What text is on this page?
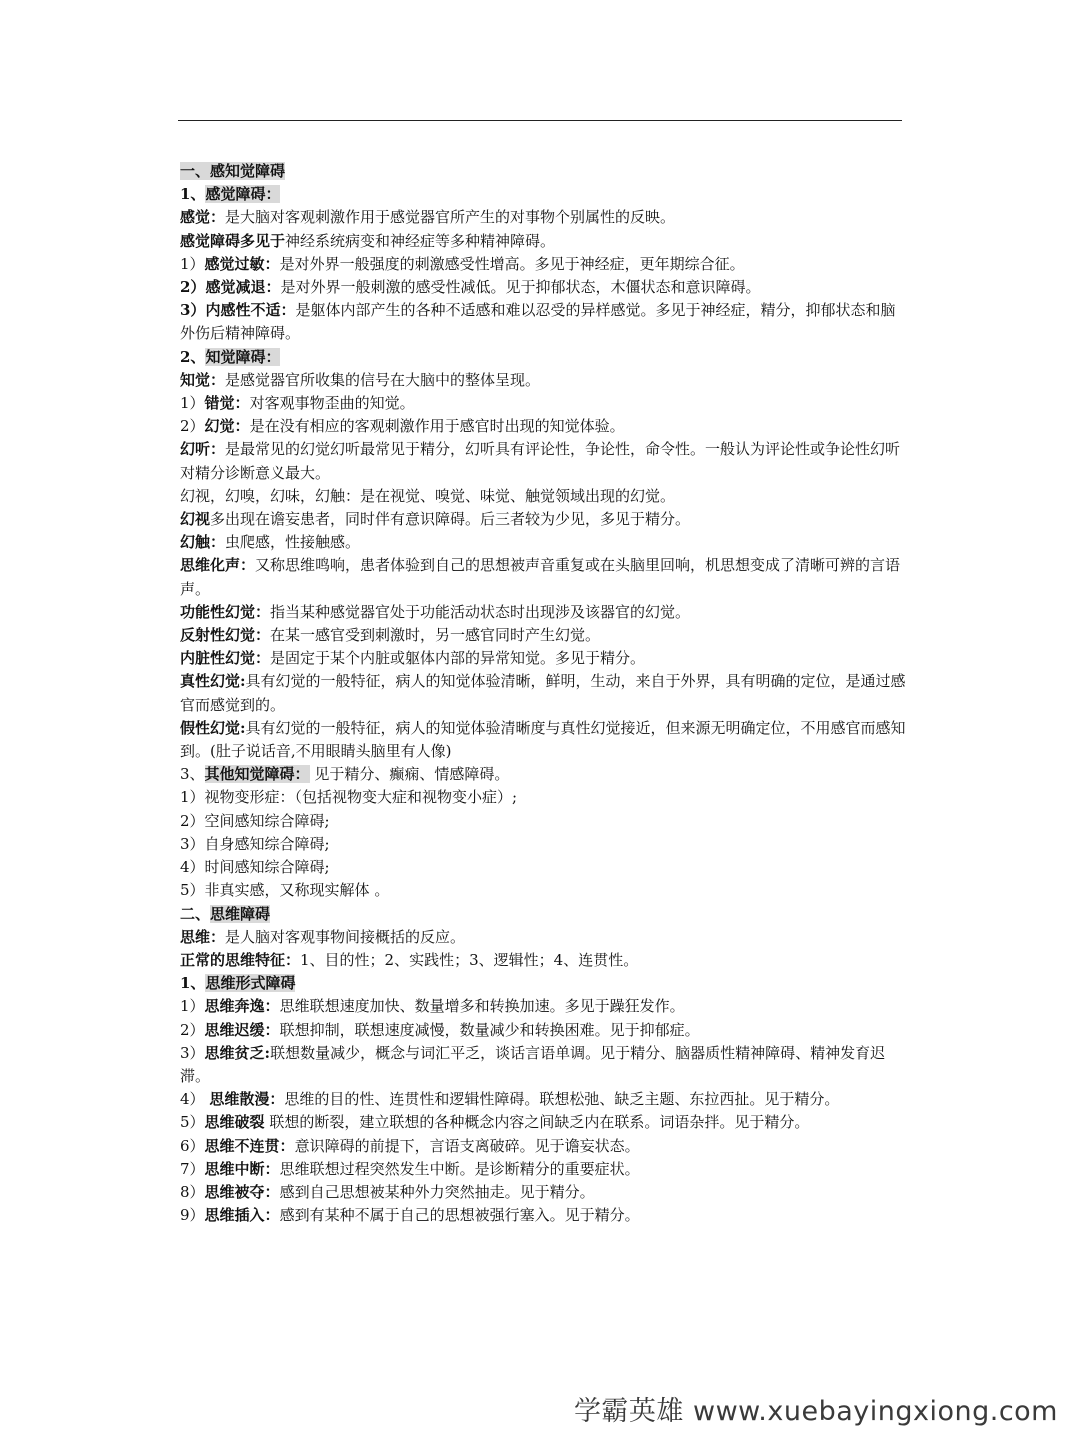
一、感知觉障碍

1、感觉障碍：

感觉：是大脑对客观刺激作用于感觉器官所产生的对事物个别属性的反映。

感觉障碍多见于神经系统病变和神经症等多种精神障碍。

1）感觉过敏：是对外界一般强度的刺激感受性增高。多见于神经症，更年期综合征。

2）感觉减退：是对外界一般刺激的感受性减低。见于抑郁状态，木僵状态和意识障碍。

3）内感性不适：是躯体内部产生的各种不适感和难以忍受的异样感觉。多见于神经症，精分，抑郁状态和脑外伤后精神障碍。

2、知觉障碍：

知觉：是感觉器官所收集的信号在大脑中的整体呈现。

1）错觉：对客观事物歪曲的知觉。

2）幻觉：是在没有相应的客观刺激作用于感官时出现的知觉体验。

幻听：是最常见的幻觉幻听最常见于精分，幻听具有评论性，争论性，命令性。一般认为评论性或争论性幻听对精分诊断意义最大。

幻视，幻嗅，幻味，幻触：是在视觉、嗅觉、味觉、触觉领域出现的幻觉。

幻视多出现在谵妄患者，同时伴有意识障碍。后三者较为少见，多见于精分。

幻触：虫爬感，性接触感。

思维化声：又称思维鸣响，患者体验到自己的思想被声音重复或在头脑里回响，机思想变成了清晰可辨的言语声。

功能性幻觉：指当某种感觉器官处于功能活动状态时出现涉及该器官的幻觉。

反射性幻觉：在某一感官受到刺激时，另一感官同时产生幻觉。

内脏性幻觉：是固定于某个内脏或躯体内部的异常知觉。多见于精分。

真性幻觉:具有幻觉的一般特征，病人的知觉体验清晰，鲜明，生动，来自于外界，具有明确的定位，是通过感官而感觉到的。

假性幻觉:具有幻觉的一般特征，病人的知觉体验清晰度与真性幻觉接近，但来源无明确定位，不用感官而感知到。(肚子说话音,不用眼睛头脑里有人像)

3、其他知觉障碍： 见于精分、癫痫、情感障碍。

1）视物变形症：（包括视物变大症和视物变小症）;

2）空间感知综合障碍;

3）自身感知综合障碍;

4）时间感知综合障碍;

5）非真实感，又称现实解体 。

二、思维障碍

思维：是人脑对客观事物间接概括的反应。

正常的思维特征：1、目的性；2、实践性；3、逻辑性；4、连贯性。

1、思维形式障碍

1）思维奔逸：思维联想速度加快、数量增多和转换加速。多见于躁狂发作。

2）思维迟缓：联想抑制，联想速度减慢，数量减少和转换困难。见于抑郁症。

3）思维贫乏:联想数量减少，概念与词汇平乏，谈话言语单调。见于精分、脑器质性精神障碍、精神发育迟滞。

4） 思维散漫：思维的目的性、连贯性和逻辑性障碍。联想松弛、缺乏主题、东拉西扯。见于精分。

5）思维破裂 联想的断裂，建立联想的各种概念内容之间缺乏内在联系。词语杂拌。见于精分。

6）思维不连贯：意识障碍的前提下，言语支离破碎。见于谵妄状态。

7）思维中断：思维联想过程突然发生中断。是诊断精分的重要症状。

8）思维被夺：感到自己思想被某种外力突然抽走。见于精分。

9）思维插入：感到有某种不属于自己的思想被强行塞入。见于精分。

学霸英雄 www.xuebayingxiong.com
